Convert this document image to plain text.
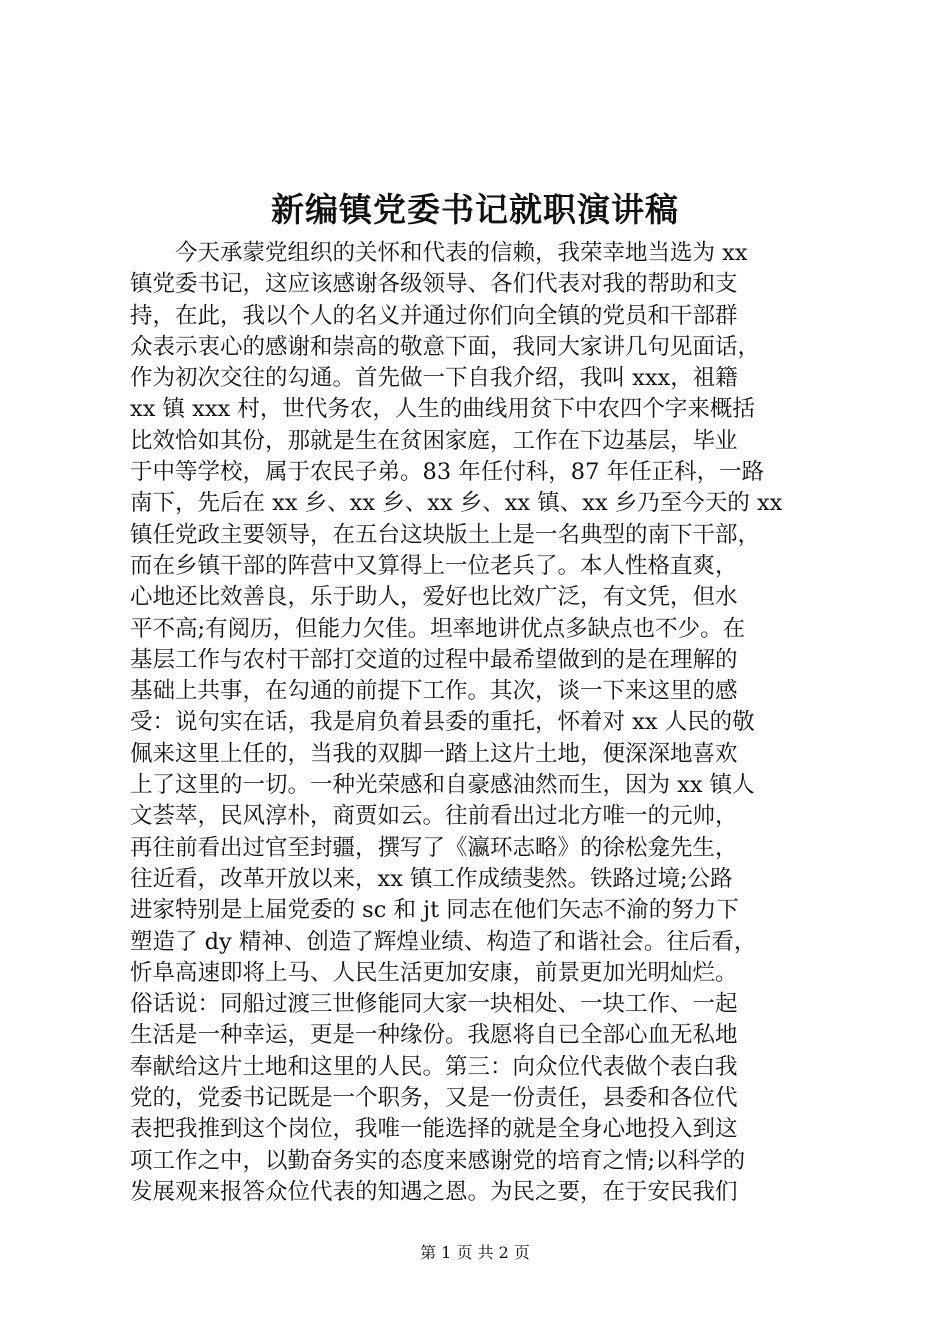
新编镇党委书记就职演讲稿
今天承蒙党组织的关怀和代表的信赖，我荣幸地当选为 xx
镇党委书记，这应该感谢各级领导、各们代表对我的帮助和支
持，在此，我以个人的名义并通过你们向全镇的党员和干部群
众表示衷心的感谢和崇高的敬意下面，我同大家讲几句见面话，
作为初次交往的勾通。首先做一下自我介绍，我叫 xxx，祖籍
xx 镇 xxx 村，世代务农，人生的曲线用贫下中农四个字来概括
比效恰如其份，那就是生在贫困家庭，工作在下边基层，毕业
于中等学校，属于农民子弟。83 年任付科，87 年任正科，一路
南下，先后在 xx 乡、xx 乡、xx 乡、xx 镇、xx 乡乃至今天的 xx
镇任党政主要领导，在五台这块版土上是一名典型的南下干部，
而在乡镇干部的阵营中又算得上一位老兵了。本人性格直爽，
心地还比效善良，乐于助人，爱好也比效广泛，有文凭，但水
平不高;有阅历，但能力欠佳。坦率地讲优点多缺点也不少。在
基层工作与农村干部打交道的过程中最希望做到的是在理解的
基础上共事，在勾通的前提下工作。其次，谈一下来这里的感
受：说句实在话，我是肩负着县委的重托，怀着对 xx 人民的敬
佩来这里上任的，当我的双脚一踏上这片土地，便深深地喜欢
上了这里的一切。一种光荣感和自豪感油然而生，因为 xx 镇人
文荟萃，民风淳朴，商贾如云。往前看出过北方唯一的元帅，
再往前看出过官至封疆，撰写了《瀛环志略》的徐松龛先生，
往近看，改革开放以来，xx 镇工作成绩斐然。铁路过境;公路
进家特别是上届党委的 sc 和 jt 同志在他们矢志不渝的努力下
塑造了 dy 精神、创造了辉煌业绩、构造了和谐社会。往后看，
忻阜高速即将上马、人民生活更加安康，前景更加光明灿烂。
俗话说：同船过渡三世修能同大家一块相处、一块工作、一起
生活是一种幸运，更是一种缘份。我愿将自已全部心血无私地
奉献给这片土地和这里的人民。第三：向众位代表做个表白我
党的，党委书记既是一个职务，又是一份责任，县委和各位代
表把我推到这个岗位，我唯一能选择的就是全身心地投入到这
项工作之中，以勤奋务实的态度来感谢党的培育之情;以科学的
发展观来报答众位代表的知遇之恩。为民之要，在于安民我们
第 1 页 共 2 页
